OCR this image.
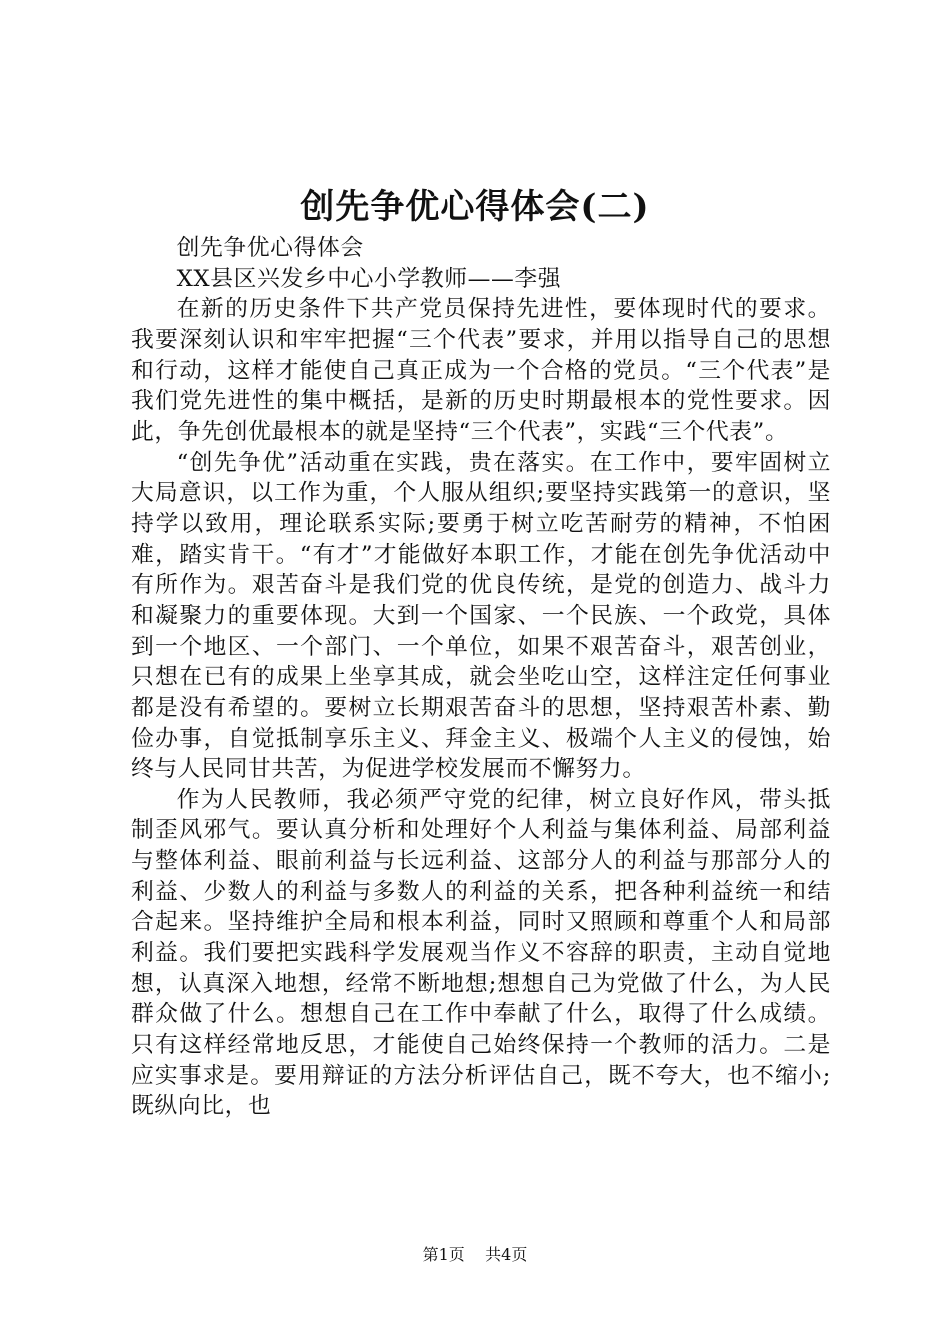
创先争优心得体会(二)

创先争优心得体会

XX县区兴发乡中心小学教师——李强

在新的历史条件下共产党员保持先进性，要体现时代的要求。我要深刻认识和牢牢把握“三个代表”要求，并用以指导自己的思想和行动，这样才能使自己真正成为一个合格的党员。“三个代表”是我们党先进性的集中概括，是新的历史时期最根本的党性要求。因此，争先创优最根本的就是坚持“三个代表”，实践“三个代表”。

“创先争优”活动重在实践，贵在落实。在工作中，要牢固树立大局意识，以工作为重，个人服从组织;要坚持实践第一的意识，坚持学以致用，理论联系实际;要勇于树立吃苦耐劳的精神，不怕困难，踏实肯干。“有才”才能做好本职工作，才能在创先争优活动中有所作为。艰苦奋斗是我们党的优良传统，是党的创造力、战斗力和凝聚力的重要体现。大到一个国家、一个民族、一个政党，具体到一个地区、一个部门、一个单位，如果不艰苦奋斗，艰苦创业，只想在已有的成果上坐享其成，就会坐吃山空，这样注定任何事业都是没有希望的。要树立长期艰苦奋斗的思想，坚持艰苦朴素、勤俭办事，自觉抵制享乐主义、拜金主义、极端个人主义的侵蚀，始终与人民同甘共苦，为促进学校发展而不懈努力。

作为人民教师，我必须严守党的纪律，树立良好作风，带头抵制歪风邪气。要认真分析和处理好个人利益与集体利益、局部利益与整体利益、眼前利益与长远利益、这部分人的利益与那部分人的利益、少数人的利益与多数人的利益的关系，把各种利益统一和结合起来。坚持维护全局和根本利益，同时又照顾和尊重个人和局部利益。我们要把实践科学发展观当作义不容辞的职责，主动自觉地想，认真深入地想，经常不断地想;想想自己为党做了什么，为人民群众做了什么。想想自己在工作中奉献了什么，取得了什么成绩。只有这样经常地反思，才能使自己始终保持一个教师的活力。二是应实事求是。要用辩证的方法分析评估自己，既不夸大，也不缩小;既纵向比，也

第1页 共4页
